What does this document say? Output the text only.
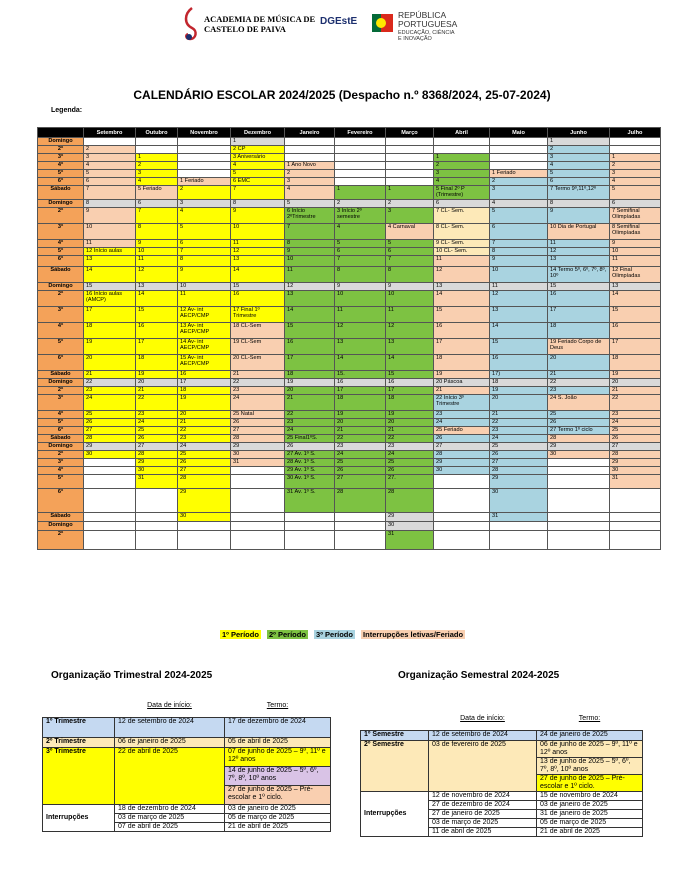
ACADEMIA DE MÚSICA DE
CASTELO DE PAIVA
DGEstE
REPÚBLICA
PORTUGUESA
EDUCAÇÃO, CIÊNCIA
E INOVAÇÃO
CALENDÁRIO ESCOLAR 2024/2025 (Despacho n.º 8368/2024, 25-07-2024)
Legenda:
	Setembro	Outubro	Novembro	Dezembro	Janeiro	Fevereiro	Março	Abril	Maio	Junho	Julho
Domingo				1						1	
2ª	2			2 CP						2	
3ª	3	1		3 Aniversário				1		3	1
4ª	4	2		4	1 Ano Novo			2		4	2
5ª	5	3		5	2			3	1 Feriado	5	3
6ª	6	4	1 Feriado	6 EMC	3			4	2	6	4
Sábado	7	5 Feriado	2	7	4	1	1	5 Final 2º P (Trimestre)	3	7 Termo 9º,11º,12º	5
Domingo	8	6	3	8	5	2	2	6	4	8	6
2ª	9	7	4	9	6 Início 2ºTrimestre	3 Início 2º semestre	3	7 CL- Sem.	5	9	7 Semifinal Olimpíadas
3ª	10	8	5	10	7	4	4 Carnaval	8 CL- Sem.	6	10 Dia de Portugal	8 Semifinal Olimpíadas
4ª	11	9	6	11	8	5	5	9 CL- Sem.	7	11	9
5ª	12 Início aulas	10	7	12	9	6	6	10 CL- Sem.	8	12	10
6ª	13	11	8	13	10	7	7	11	9	13	11
Sábado	14	12	9	14	11	8	8	12	10	14 Termo 5º, 6º, 7º, 8º, 10º	12 Final Olimpíadas
Domingo	15	13	10	15	12	9	9	13	11	15	13
2ª	16 Início aulas (AMCP)	14	11	16	13	10	10	14	12	16	14
3ª	17	15	12 Av- int AECP/CMP	17 Final 1º Trimestre	14	11	11	15	13	17	15
4ª	18	16	13 Av- int AECP/CMP	18 CL-Sem	15	12	12	16	14	18	16
5ª	19	17	14 Av- int AECP/CMP	19 CL-Sem	16	13	13	17	15	19 Feriado Corpo de Deus	17
6ª	20	18	15 Av- int AECP/CMP	20 CL-Sem	17	14	14	18	16	20	18
Sábado	21	19	16	21	18	15.	15	19	17)	21	19
Domingo	22	20	17	22	19	16	16	20 Páscoa	18	22	20
2ª	23	21	18	23	20	17	17	21	19	23	21
3ª	24	22	19	24	21	18	18	22 Início 3º Trimestre	20	24 S. João	22
4ª	25	23	20	25 Natal	22	19	19	23	21	25	23
5ª	26	24	21	26	23	20	20	24	22	26	24
6ª	27	25	22	27	24	21	21	25 Feriado	23	27 Termo 1º ciclo	25
Sábado	28	26	23	28	25 Final1ºS.	22	22	26	24	28	26
Domingo	29	27	24	29	26	23	23	27	25	29	27
2ª	30	28	25	30	27 Av. 1º S.	24	24	28	26	30	28
3ª		29	26	31	28 Av. 1º S.	25	25	29	27		29
4ª		30	27		29 Av. 1º S.	26	26	30	28		30
5ª		31	28		30 Av. 1º S.	27	27.		29		31
6ª			29		31 Av. 1º S.	28	28		30		
Sábado			30				29		31		
Domingo							30				
2ª							31				
1º Período 2º Período 3º Período Interrupções letivas/Feriado
Organização Trimestral 2024-2025
	Data de início:	Termo:
1º Trimestre	12 de setembro de 2024	17 de dezembro de 2024
2º Trimestre	06 de janeiro de 2025	05 de abril de 2025
3º Trimestre	22 de abril de 2025	07 de junho de 2025 – 9º, 11º e 12º anos
		14 de junho de 2025 – 5º, 6º, 7º, 8º, 10º anos
		27 de junho de 2025 – Pré-escolar e 1º ciclo.
Interrupções	18 de dezembro de 2024	03 de janeiro de 2025
	03 de março de 2025	05 de março de 2025
	07 de abril de 2025	21 de abril de 2025
Organização Semestral 2024-2025
	Data de início:	Termo:
1º Semestre	12 de setembro de 2024	24 de janeiro de 2025
2º Semestre	03 de fevereiro de 2025	06 de junho de 2025 – 9º, 11º e 12º anos
		13 de junho de 2025 – 5º, 6º, 7º, 8º, 10º anos
		27 de junho de 2025 – Pré-escolar e 1º ciclo.
Interrupções	12 de novembro de 2024	15 de novembro de 2024
	27 de dezembro de 2024	03 de janeiro de 2025
	27 de janeiro de 2025	31 de janeiro de 2025
	03 de março de 2025	05 de março de 2025
	11 de abril de 2025	21 de abril de 2025
